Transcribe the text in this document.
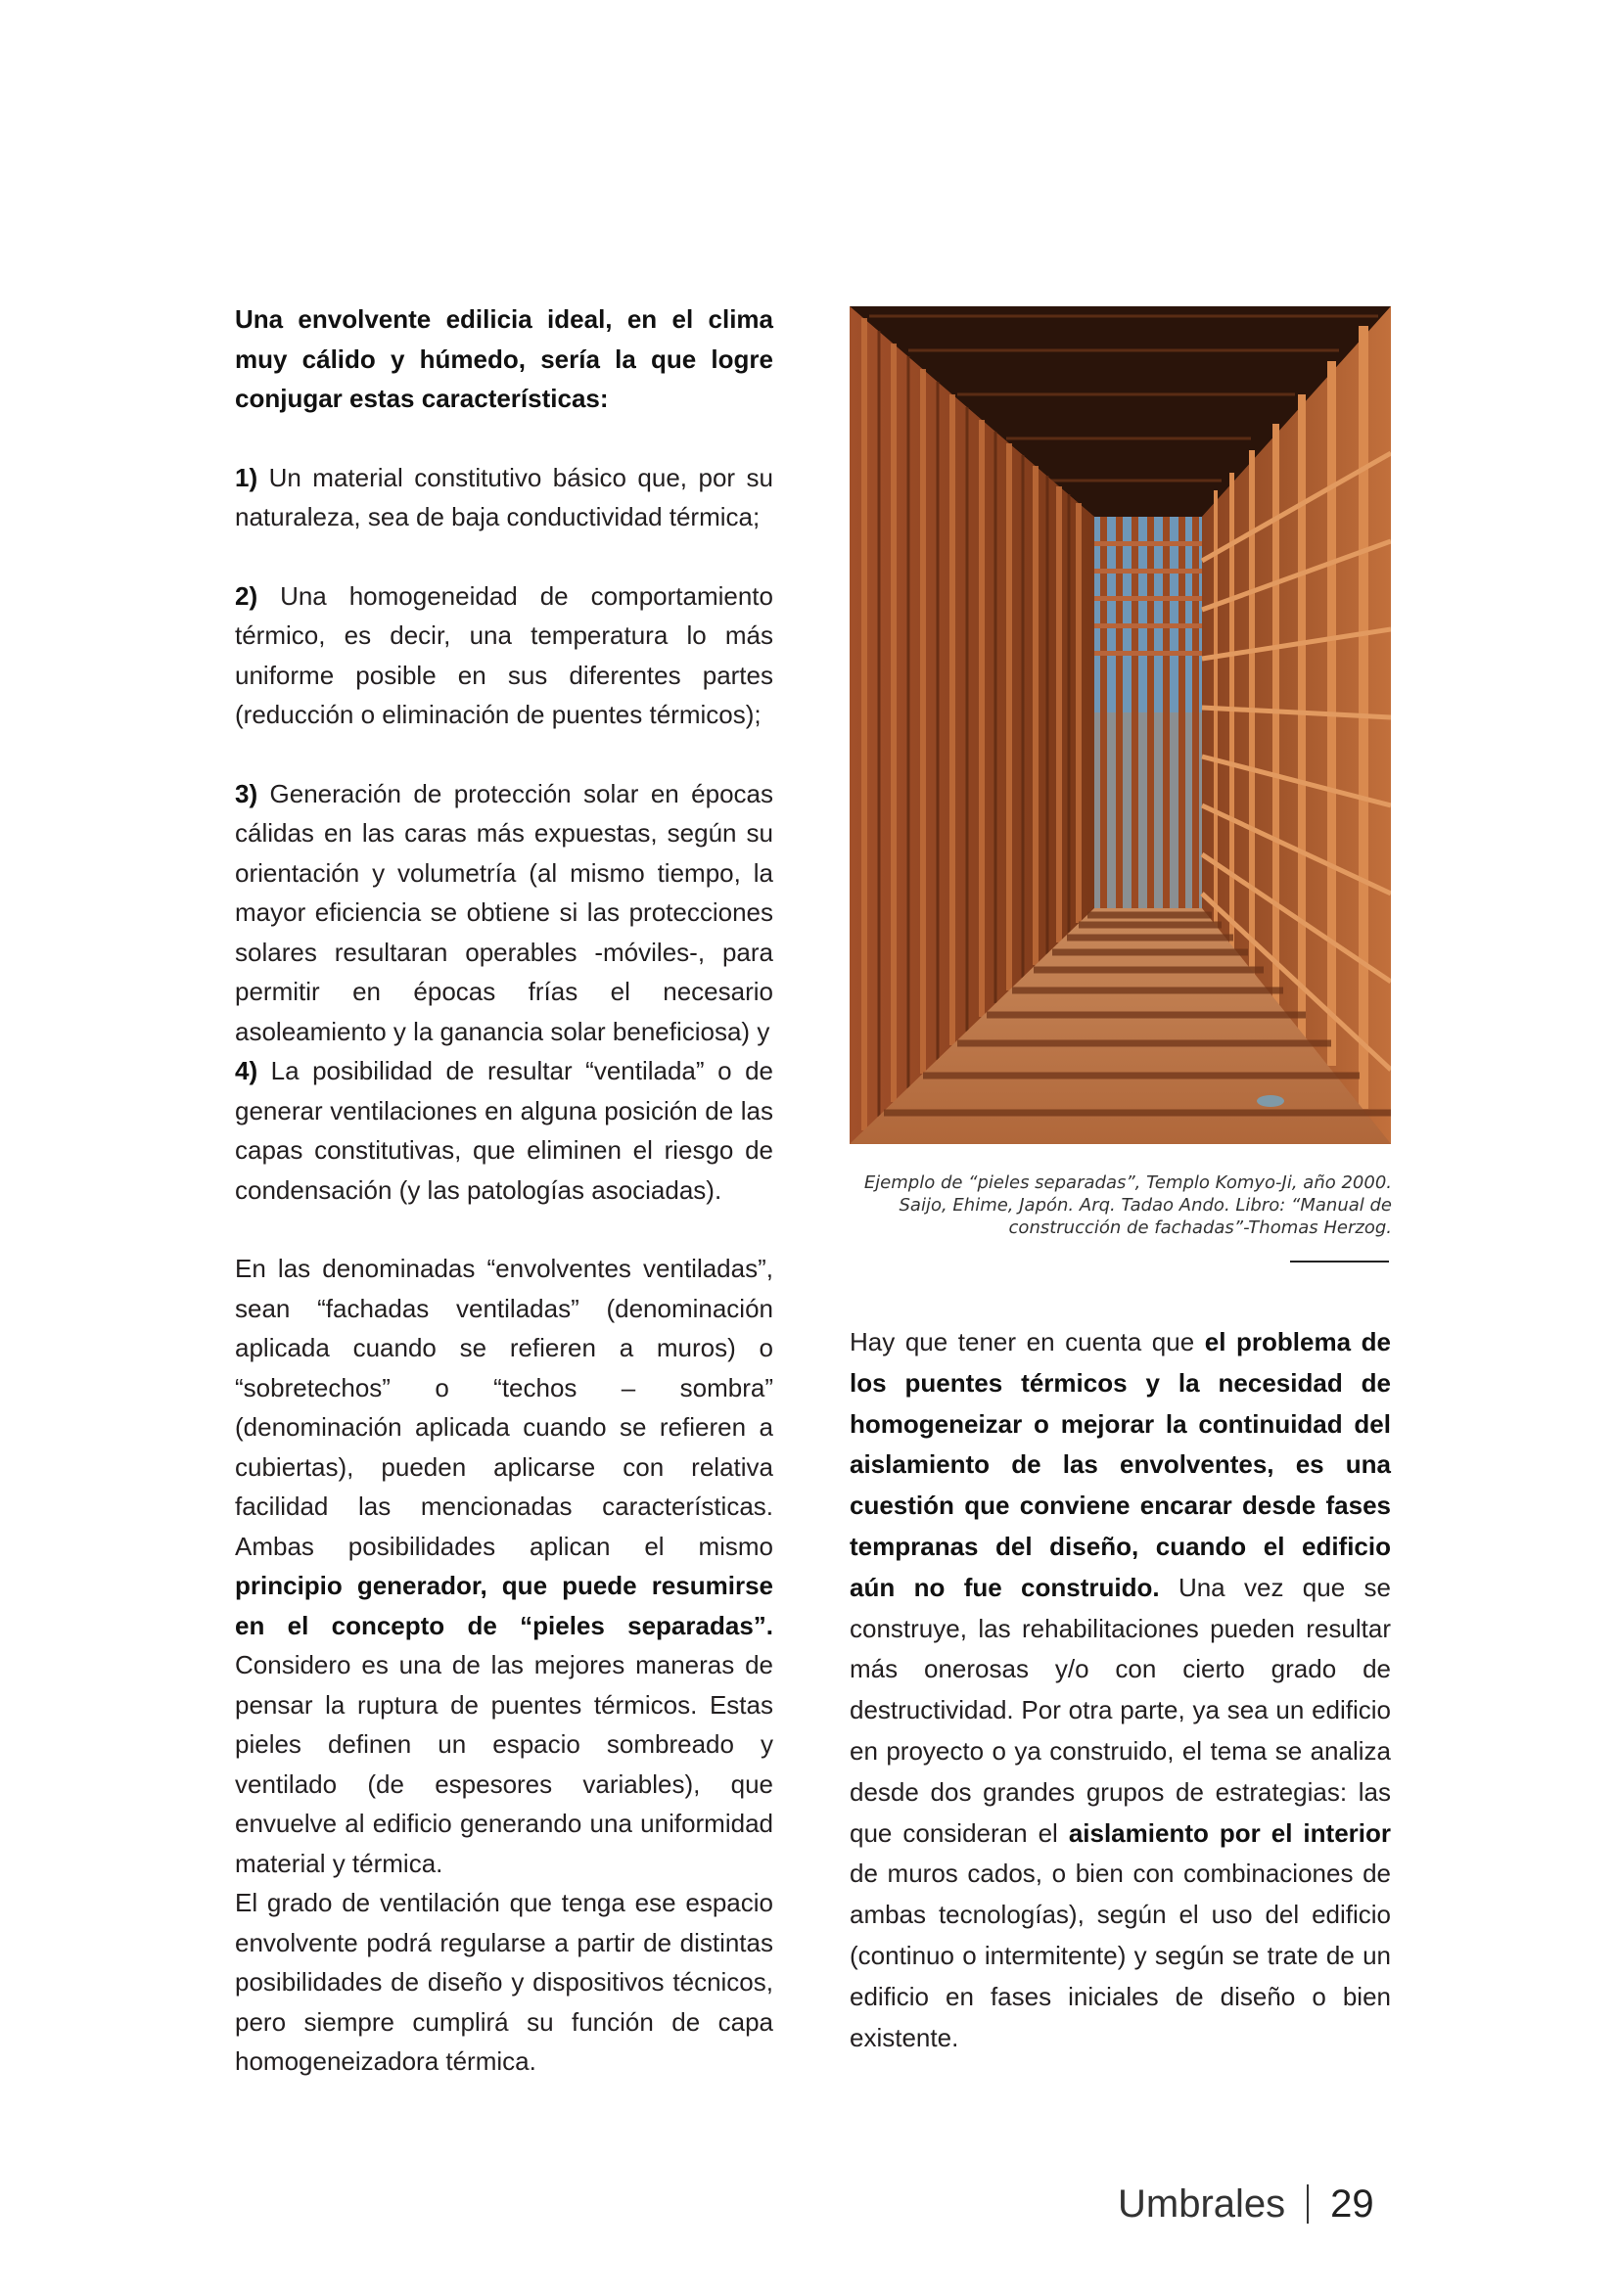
Una envolvente edilicia ideal, en el clima muy cálido y húmedo, sería la que logre conjugar estas características:

1) Un material constitutivo básico que, por su naturaleza, sea de baja conductividad térmica;

2) Una homogeneidad de comportamiento térmico, es decir, una temperatura lo más uniforme posible en sus diferentes partes (reducción o eliminación de puentes térmicos);

3) Generación de protección solar en épocas cálidas en las caras más expuestas, según su orientación y volumetría (al mismo tiempo, la mayor eficiencia se obtiene si las protecciones solares resultaran operables -móviles-, para permitir en épocas frías el necesario asoleamiento y la ganancia solar beneficiosa) y

4) La posibilidad de resultar “ventilada” o de generar ventilaciones en alguna posición de las capas constitutivas, que eliminen el riesgo de condensación (y las patologías asociadas).

En las denominadas “envolventes ventiladas”, sean “fachadas ventiladas” (denominación aplicada cuando se refieren a muros) o “sobretechos” o “techos – sombra” (denominación aplicada cuando se refieren a cubiertas), pueden aplicarse con relativa facilidad las mencionadas características. Ambas posibilidades aplican el mismo principio generador, que puede resumirse en el concepto de “pieles separadas”. Considero es una de las mejores maneras de pensar la ruptura de puentes térmicos. Estas pieles definen un espacio sombreado y ventilado (de espesores variables), que envuelve al edificio generando una uniformidad material y térmica.

El grado de ventilación que tenga ese espacio envolvente podrá regularse a partir de distintas posibilidades de diseño y dispositivos técnicos, pero siempre cumplirá su función de capa homogeneizadora térmica.

Ejemplo de “pieles separadas”, Templo Komyo-Ji, año 2000. Saijo, Ehime, Japón. Arq. Tadao Ando. Libro: “Manual de construcción de fachadas”-Thomas Herzog.

Hay que tener en cuenta que el problema de los puentes térmicos y la necesidad de homogeneizar o mejorar la continuidad del aislamiento de las envolventes, es una cuestión que conviene encarar desde fases tempranas del diseño, cuando el edificio aún no fue construido. Una vez que se construye, las rehabilitaciones pueden resultar más onerosas y/o con cierto grado de destructividad. Por otra parte, ya sea un edificio en proyecto o ya construido, el tema se analiza desde dos grandes grupos de estrategias: las que consideran el aislamiento por el interior de muros cados, o bien con combinaciones de ambas tecnologías), según el uso del edificio (continuo o intermitente) y según se trate de un edificio en fases iniciales de diseño o bien existente.

Umbrales 29
